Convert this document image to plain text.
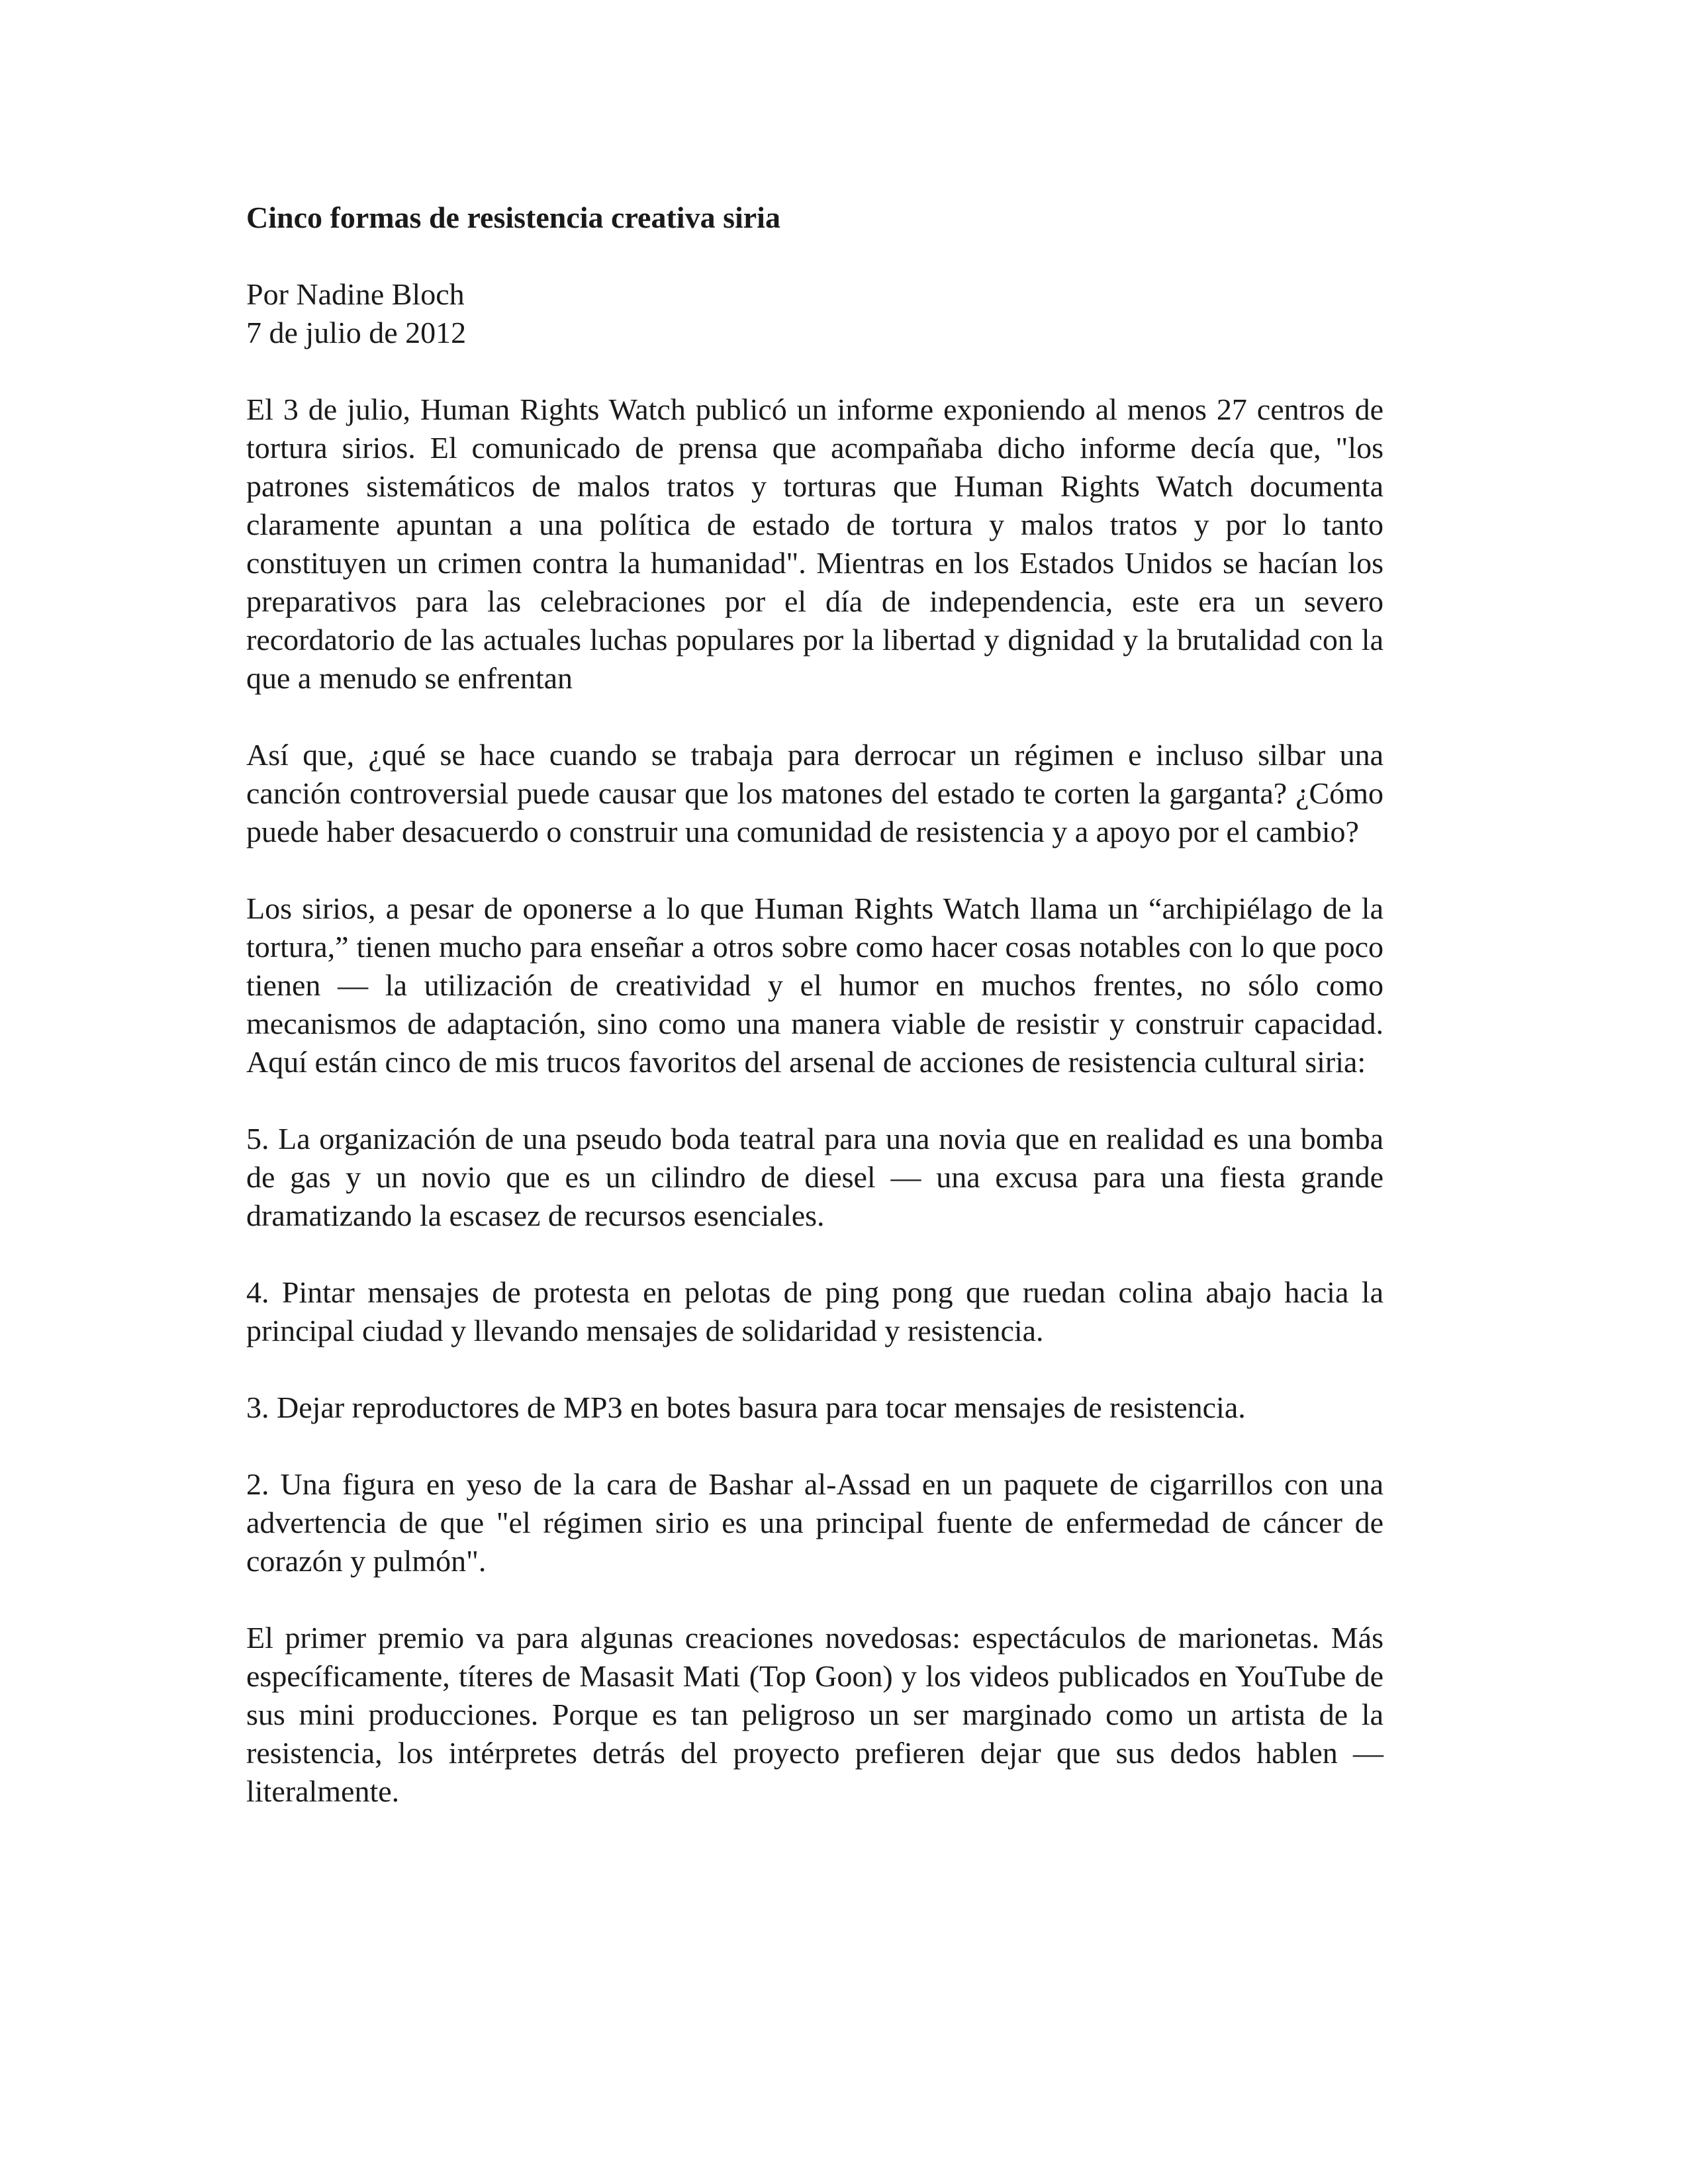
Cinco formas de resistencia creativa siria

Por Nadine Bloch
7 de julio de 2012

El 3 de julio, Human Rights Watch publicó un informe exponiendo al menos 27 centros de tortura sirios. El comunicado de prensa que acompañaba dicho informe decía que, "los patrones sistemáticos de malos tratos y torturas que Human Rights Watch documenta claramente apuntan a una política de estado de tortura y malos tratos y por lo tanto constituyen un crimen contra la humanidad". Mientras en los Estados Unidos se hacían los preparativos para las celebraciones por el día de independencia, este era un severo recordatorio de las actuales luchas populares por la libertad y dignidad y la brutalidad con la que a menudo se enfrentan

Así que, ¿qué se hace cuando se trabaja para derrocar un régimen e incluso silbar una canción controversial puede causar que los matones del estado te corten la garganta? ¿Cómo puede haber desacuerdo o construir una comunidad de resistencia y a apoyo por el cambio?

Los sirios, a pesar de oponerse a lo que Human Rights Watch llama un “archipiélago de la tortura,” tienen mucho para enseñar a otros sobre como hacer cosas notables con lo que poco tienen — la utilización de creatividad y el humor en muchos frentes, no sólo como mecanismos de adaptación, sino como una manera viable de resistir y construir capacidad. Aquí están cinco de mis trucos favoritos del arsenal de acciones de resistencia cultural siria:

5. La organización de una pseudo boda teatral para una novia que en realidad es una bomba de gas y un novio que es un cilindro de diesel — una excusa para una fiesta grande dramatizando la escasez de recursos esenciales.

4. Pintar mensajes de protesta en pelotas de ping pong que ruedan colina abajo hacia la principal ciudad y llevando mensajes de solidaridad y resistencia.

3. Dejar reproductores de MP3 en botes basura para tocar mensajes de resistencia.

2. Una figura en yeso de la cara de Bashar al-Assad en un paquete de cigarrillos con una advertencia de que "el régimen sirio es una principal fuente de enfermedad de cáncer de corazón y pulmón".

El primer premio va para algunas creaciones novedosas: espectáculos de marionetas. Más específicamente, títeres de Masasit Mati (Top Goon) y los videos publicados en YouTube de sus mini producciones. Porque es tan peligroso un ser marginado como un artista de la resistencia, los intérpretes detrás del proyecto prefieren dejar que sus dedos hablen — literalmente.
